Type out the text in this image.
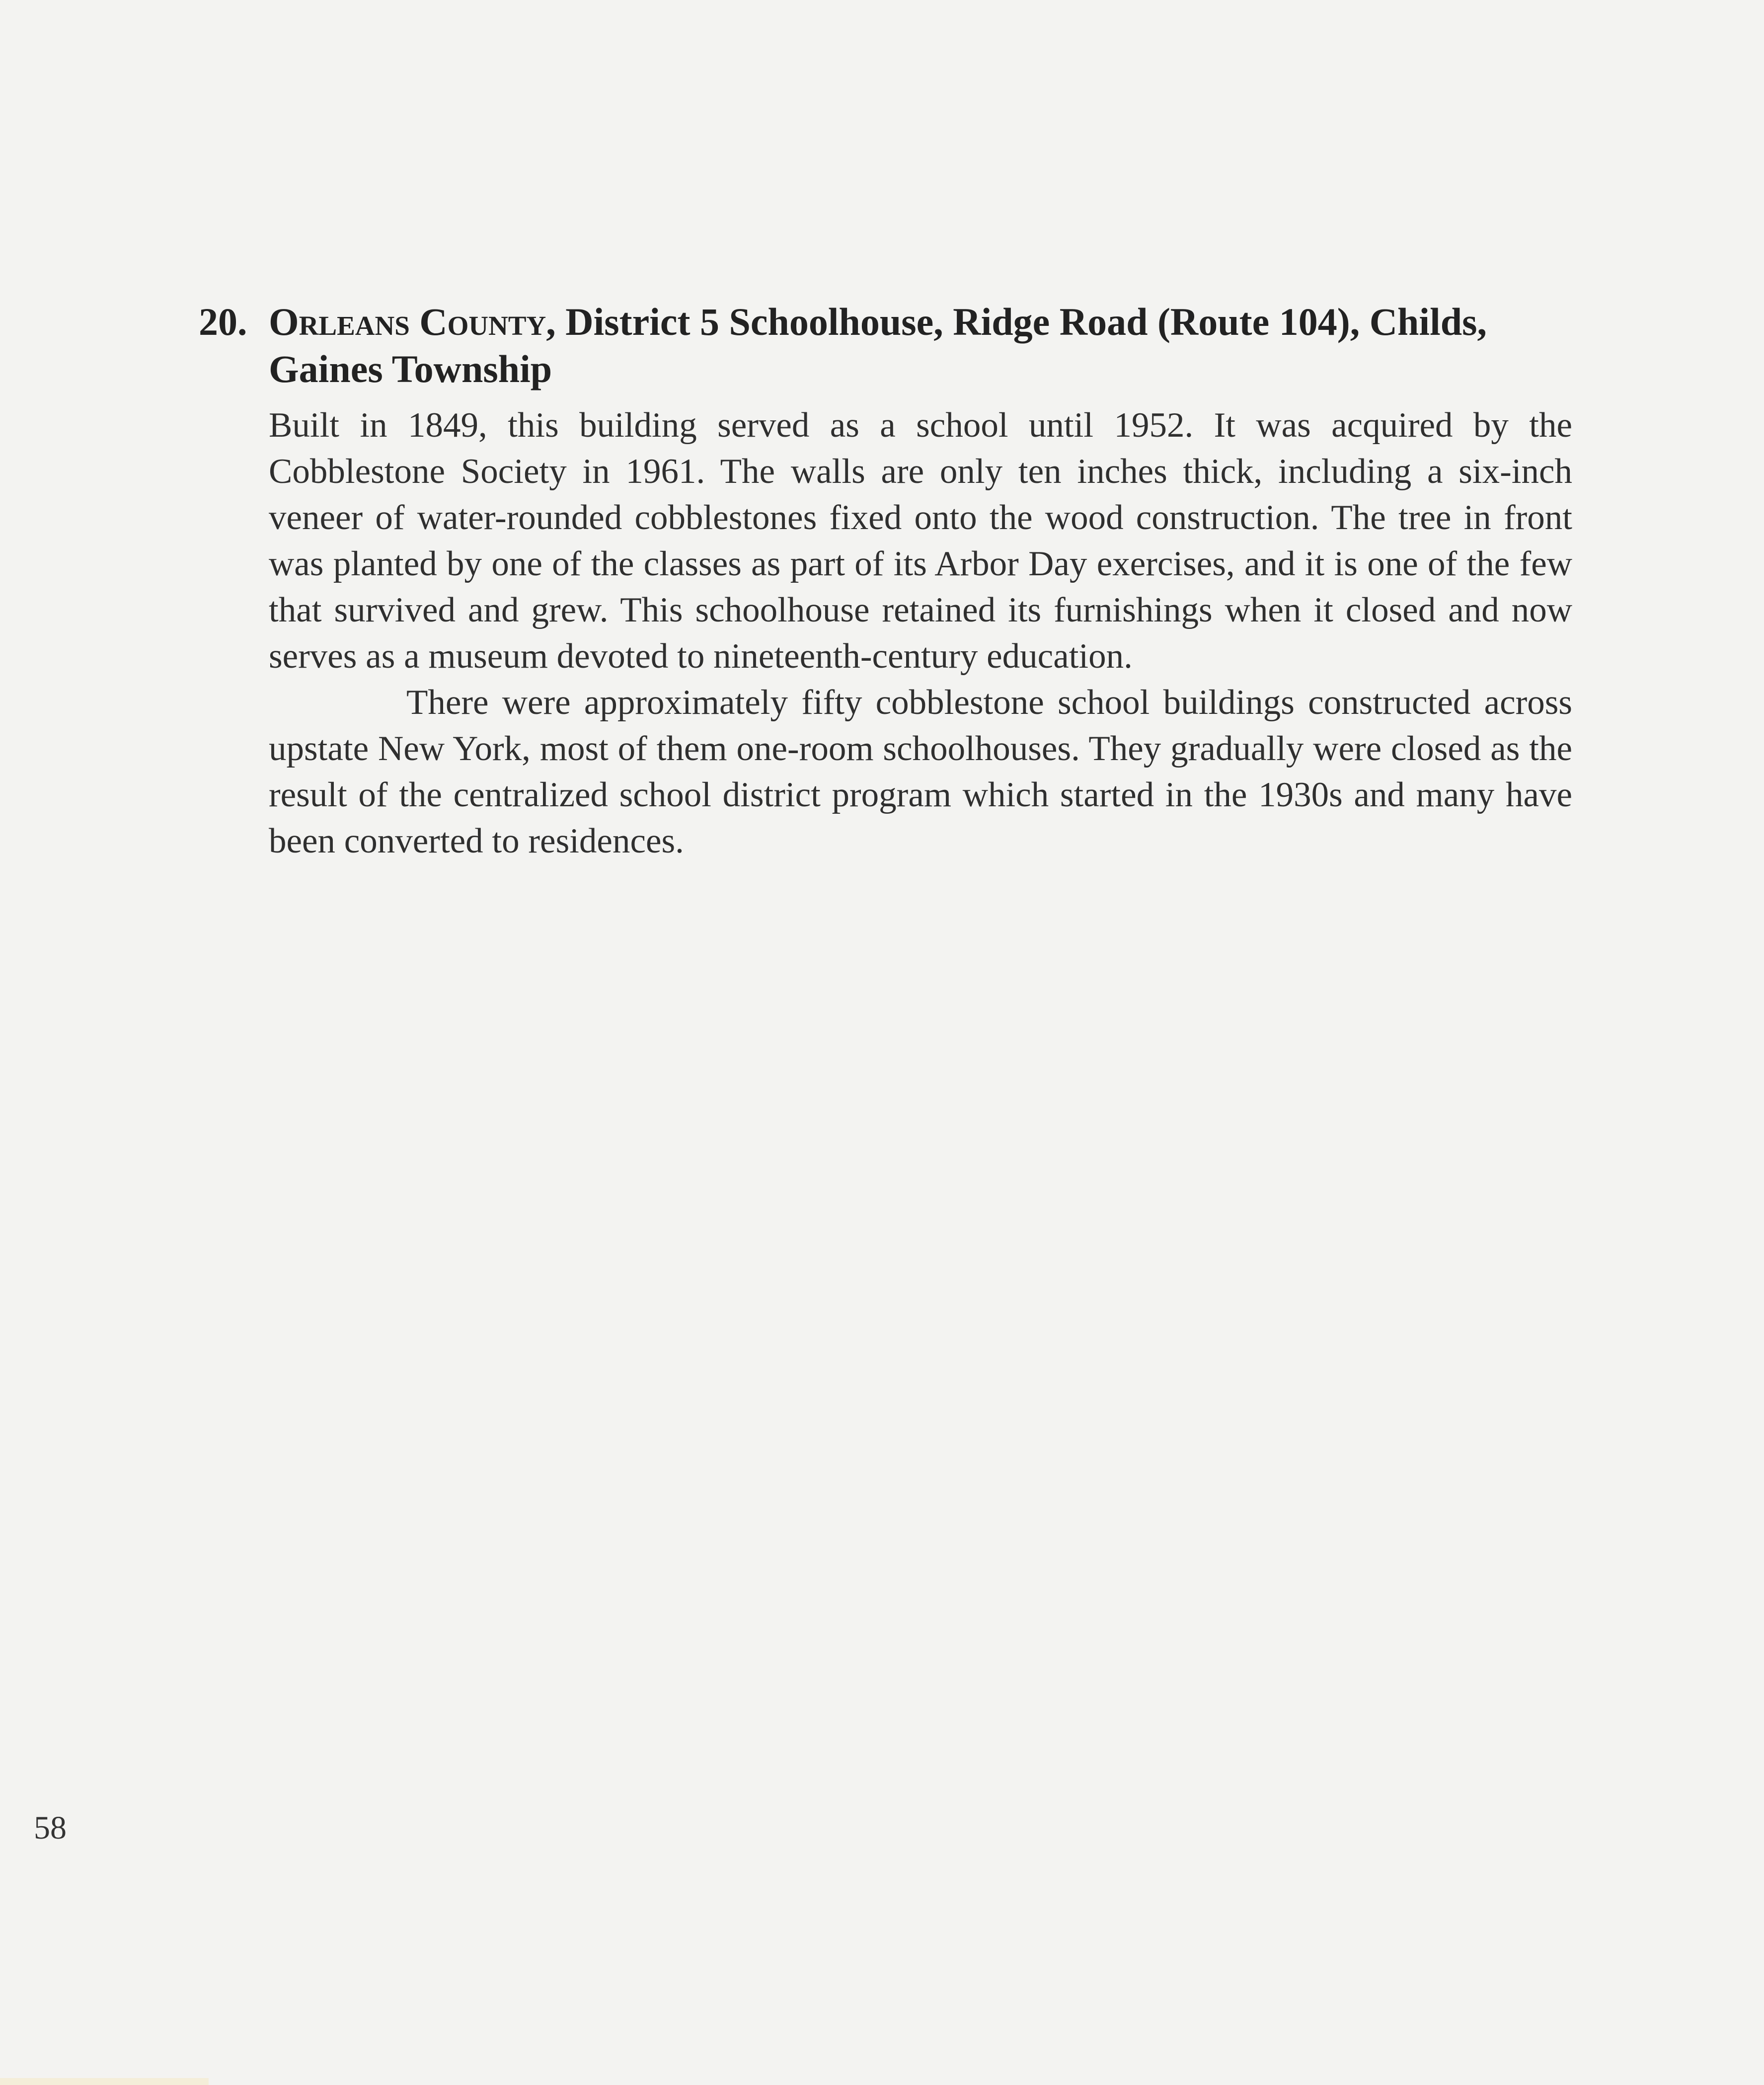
20. Orleans County, District 5 Schoolhouse, Ridge Road (Route 104), Childs, Gaines Township

Built in 1849, this building served as a school until 1952. It was acquired by the Cobblestone Society in 1961. The walls are only ten inches thick, including a six-inch veneer of water-rounded cobblestones fixed onto the wood construction. The tree in front was planted by one of the classes as part of its Arbor Day exercises, and it is one of the few that survived and grew. This schoolhouse retained its furnishings when it closed and now serves as a museum devoted to nineteenth-century education.

There were approximately fifty cobblestone school buildings constructed across upstate New York, most of them one-room schoolhouses. They gradually were closed as the result of the centralized school district program which started in the 1930s and many have been converted to residences.

58
